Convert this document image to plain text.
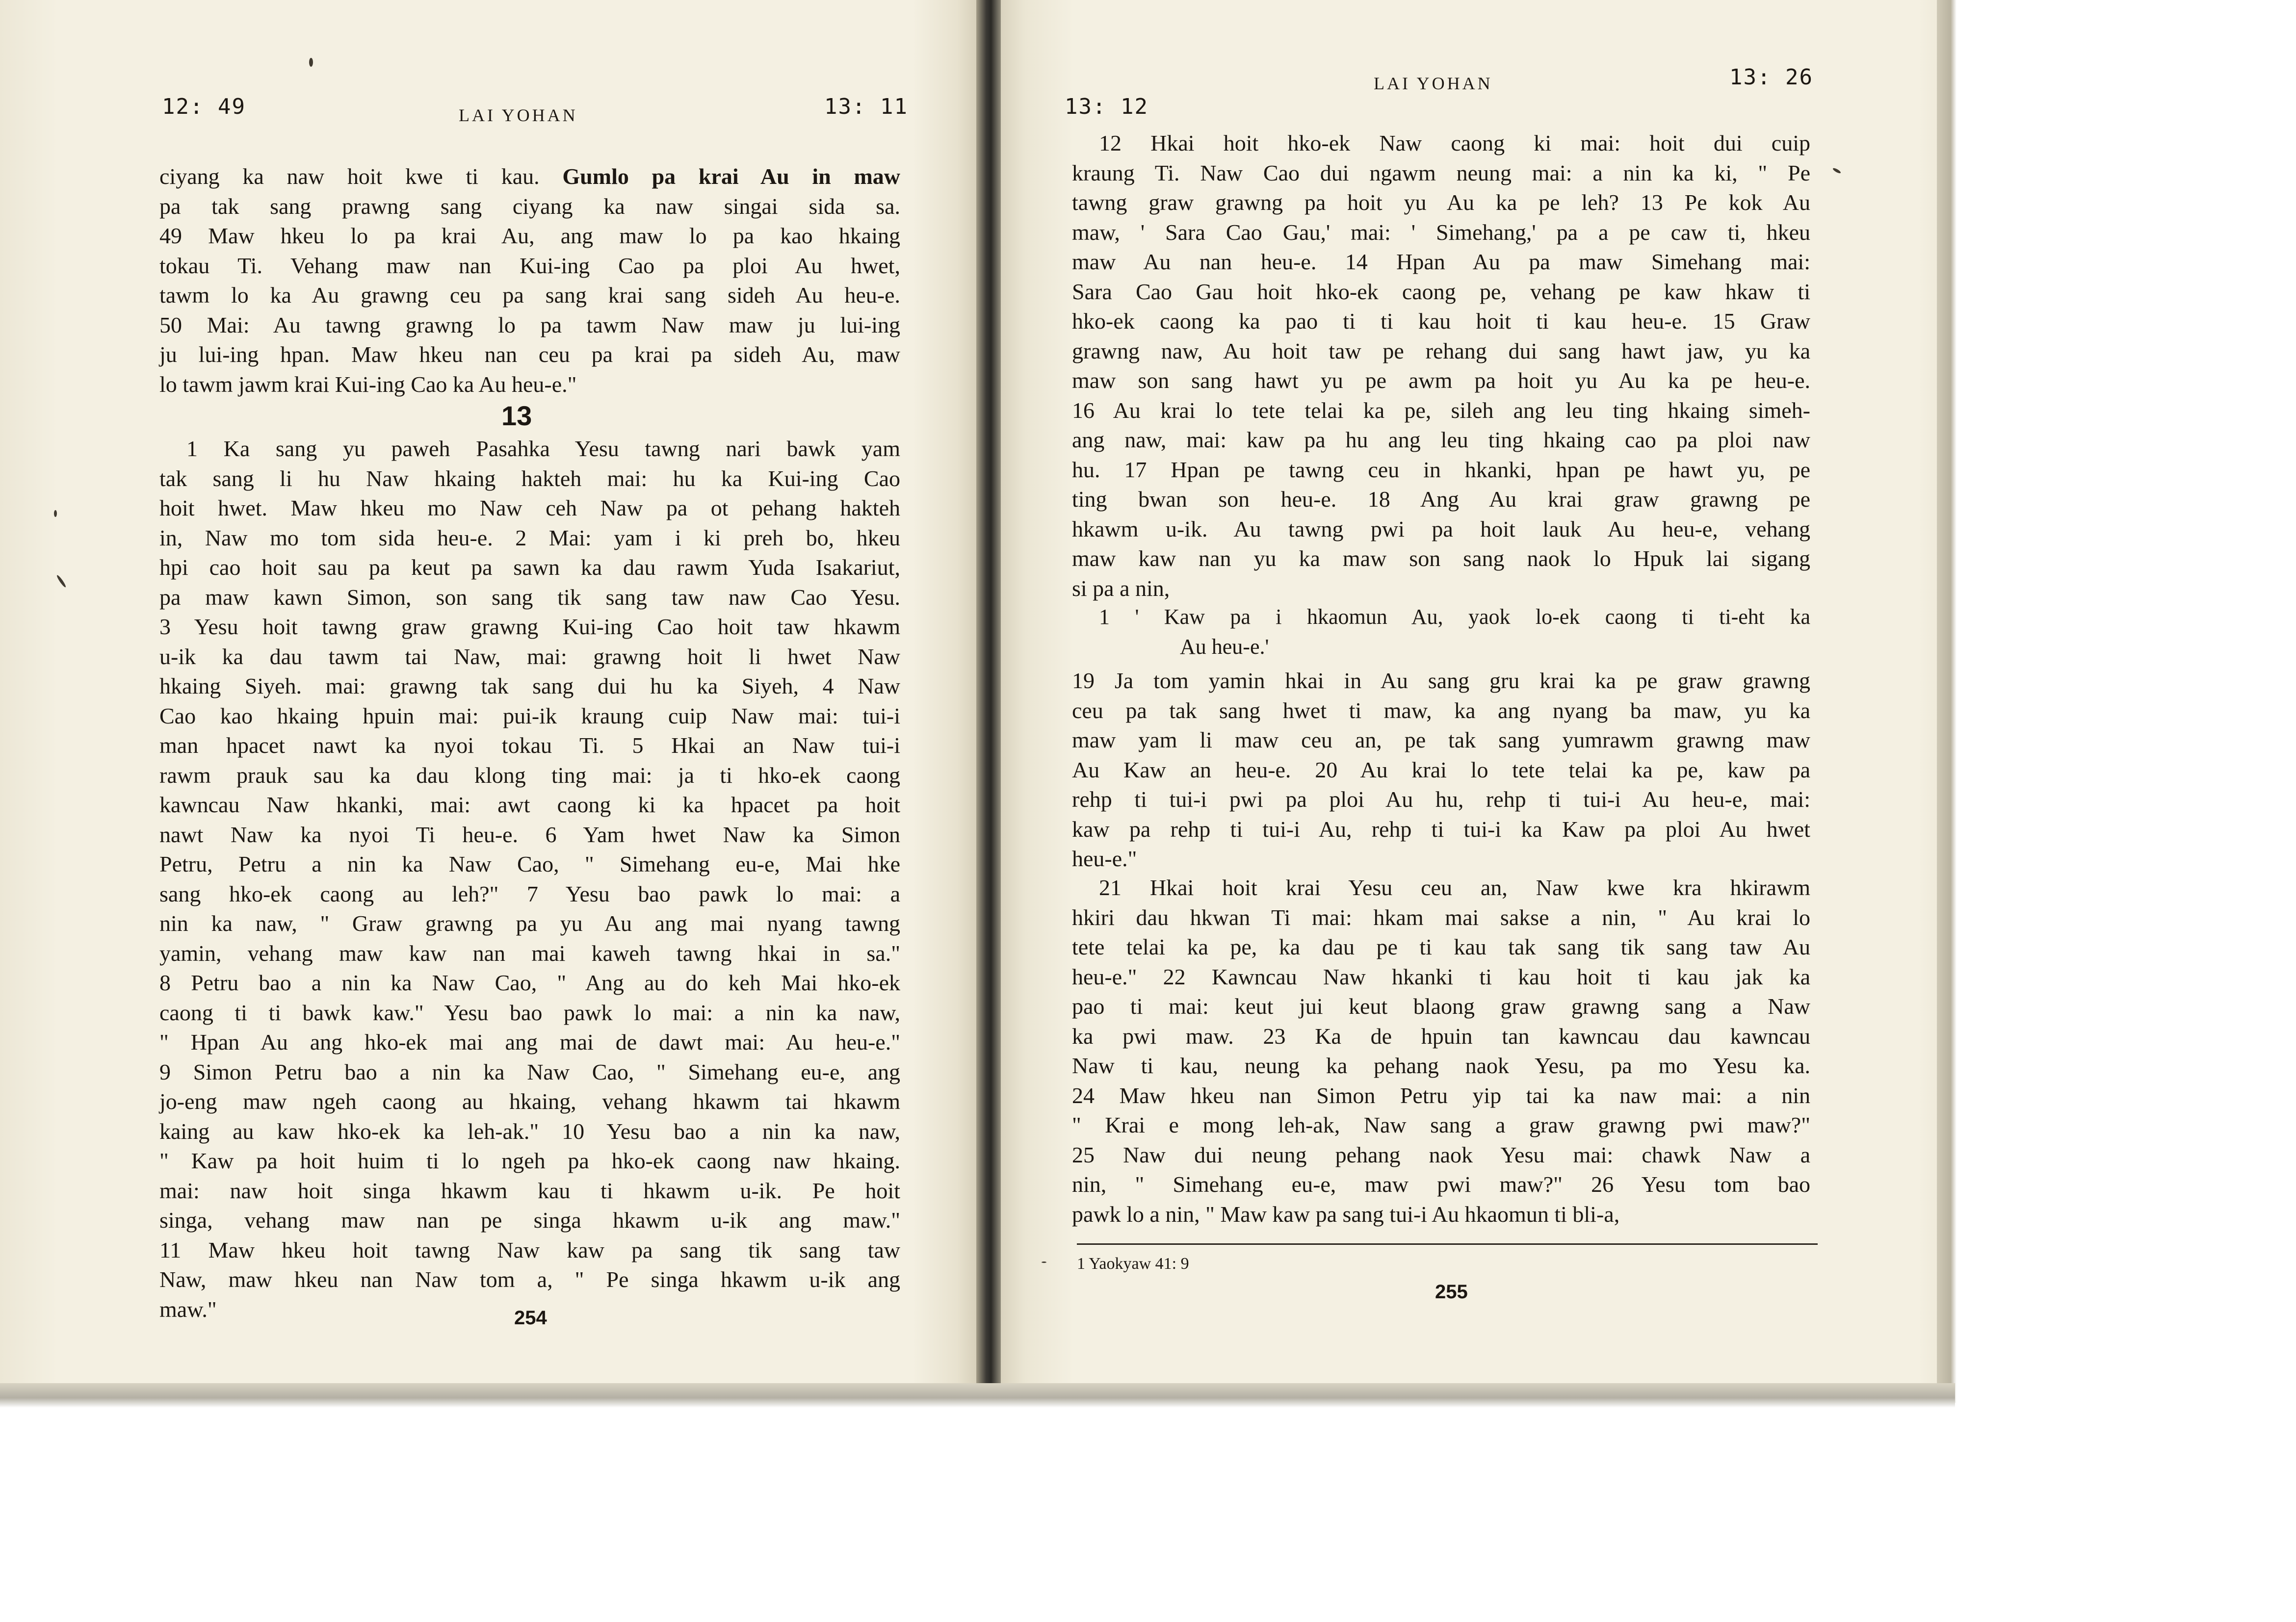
12: 49	LAI YOHAN	13: 11
ciyang ka naw hoit kwe ti kau. Gumlo pa krai Au in maw
pa tak sang prawng sang ciyang ka naw singai sida sa.
49 Maw hkeu lo pa krai Au, ang maw lo pa kao hkaing
tokau Ti. Vehang maw nan Kui-ing Cao pa ploi Au hwet,
tawm lo ka Au grawng ceu pa sang krai sang sideh Au heu-e.
50 Mai: Au tawng grawng lo pa tawm Naw maw ju lui-ing
ju lui-ing hpan. Maw hkeu nan ceu pa krai pa sideh Au, maw
lo tawm jawm krai Kui-ing Cao ka Au heu-e."
13
1 Ka sang yu paweh Pasahka Yesu tawng nari bawk yam
tak sang li hu Naw hkaing hakteh mai: hu ka Kui-ing Cao
hoit hwet. Maw hkeu mo Naw ceh Naw pa ot pehang hakteh
in, Naw mo tom sida heu-e. 2 Mai: yam i ki preh bo, hkeu
hpi cao hoit sau pa keut pa sawn ka dau rawm Yuda Isakariut,
pa maw kawn Simon, son sang tik sang taw naw Cao Yesu.
3 Yesu hoit tawng graw grawng Kui-ing Cao hoit taw hkawm
u-ik ka dau tawm tai Naw, mai: grawng hoit li hwet Naw
hkaing Siyeh. mai: grawng tak sang dui hu ka Siyeh, 4 Naw
Cao kao hkaing hpuin mai: pui-ik kraung cuip Naw mai: tui-i
man hpacet nawt ka nyoi tokau Ti. 5 Hkai an Naw tui-i
rawm prauk sau ka dau klong ting mai: ja ti hko-ek caong
kawncau Naw hkanki, mai: awt caong ki ka hpacet pa hoit
nawt Naw ka nyoi Ti heu-e. 6 Yam hwet Naw ka Simon
Petru, Petru a nin ka Naw Cao, " Simehang eu-e, Mai hke
sang hko-ek caong au leh?" 7 Yesu bao pawk lo mai: a
nin ka naw, " Graw grawng pa yu Au ang mai nyang tawng
yamin, vehang maw kaw nan mai kaweh tawng hkai in sa."
8 Petru bao a nin ka Naw Cao, " Ang au do keh Mai hko-ek
caong ti ti bawk kaw." Yesu bao pawk lo mai: a nin ka naw,
" Hpan Au ang hko-ek mai ang mai de dawt mai: Au heu-e."
9 Simon Petru bao a nin ka Naw Cao, " Simehang eu-e, ang
jo-eng maw ngeh caong au hkaing, vehang hkawm tai hkawm
kaing au kaw hko-ek ka leh-ak." 10 Yesu bao a nin ka naw,
" Kaw pa hoit huim ti lo ngeh pa hko-ek caong naw hkaing.
mai: naw hoit singa hkawm kau ti hkawm u-ik. Pe hoit
singa, vehang maw nan pe singa hkawm u-ik ang maw."
11 Maw hkeu hoit tawng Naw kaw pa sang tik sang taw
Naw, maw hkeu nan Naw tom a, " Pe singa hkawm u-ik ang
maw."	254
13: 12
LAI YOHAN	13: 26
12 Hkai hoit hko-ek Naw caong ki mai: hoit dui cuip
kraung Ti. Naw Cao dui ngawm neung mai: a nin ka ki, " Pe
tawng graw grawng pa hoit yu Au ka pe leh? 13 Pe kok Au
maw, ' Sara Cao Gau,' mai: ' Simehang,' pa a pe caw ti, hkeu
maw Au nan heu-e. 14 Hpan Au pa maw Simehang mai:
Sara Cao Gau hoit hko-ek caong pe, vehang pe kaw hkaw ti
hko-ek caong ka pao ti ti kau hoit ti kau heu-e. 15 Graw
grawng naw, Au hoit taw pe rehang dui sang hawt jaw, yu ka
maw son sang hawt yu pe awm pa hoit yu Au ka pe heu-e.
16 Au krai lo tete telai ka pe, sileh ang leu ting hkaing simeh-
ang naw, mai: kaw pa hu ang leu ting hkaing cao pa ploi naw
hu. 17 Hpan pe tawng ceu in hkanki, hpan pe hawt yu, pe
ting bwan son heu-e. 18 Ang Au krai graw grawng pe
hkawm u-ik. Au tawng pwi pa hoit lauk Au heu-e, vehang
maw kaw nan yu ka maw son sang naok lo Hpuk lai sigang
si pa a nin,
1 ' Kaw pa i hkaomun Au, yaok lo-ek caong ti ti-eht ka
Au heu-e.'
19 Ja tom yamin hkai in Au sang gru krai ka pe graw grawng
ceu pa tak sang hwet ti maw, ka ang nyang ba maw, yu ka
maw yam li maw ceu an, pe tak sang yumrawm grawng maw
Au Kaw an heu-e. 20 Au krai lo tete telai ka pe, kaw pa
rehp ti tui-i pwi pa ploi Au hu, rehp ti tui-i Au heu-e, mai:
kaw pa rehp ti tui-i Au, rehp ti tui-i ka Kaw pa ploi Au hwet
heu-e."
21 Hkai hoit krai Yesu ceu an, Naw kwe kra hkirawm
hkiri dau hkwan Ti mai: hkam mai sakse a nin, " Au krai lo
tete telai ka pe, ka dau pe ti kau tak sang tik sang taw Au
heu-e." 22 Kawncau Naw hkanki ti kau hoit ti kau jak ka
pao ti mai: keut jui keut blaong graw grawng sang a Naw
ka pwi maw. 23 Ka de hpuin tan kawncau dau kawncau
Naw ti kau, neung ka pehang naok Yesu, pa mo Yesu ka.
24 Maw hkeu nan Simon Petru yip tai ka naw mai: a nin
" Krai e mong leh-ak, Naw sang a graw grawng pwi maw?"
25 Naw dui neung pehang naok Yesu mai: chawk Naw a
nin, " Simehang eu-e, maw pwi maw?" 26 Yesu tom bao
pawk lo a nin, " Maw kaw pa sang tui-i Au hkaomun ti bli-a,
1 Yaokyaw 41: 9
255
